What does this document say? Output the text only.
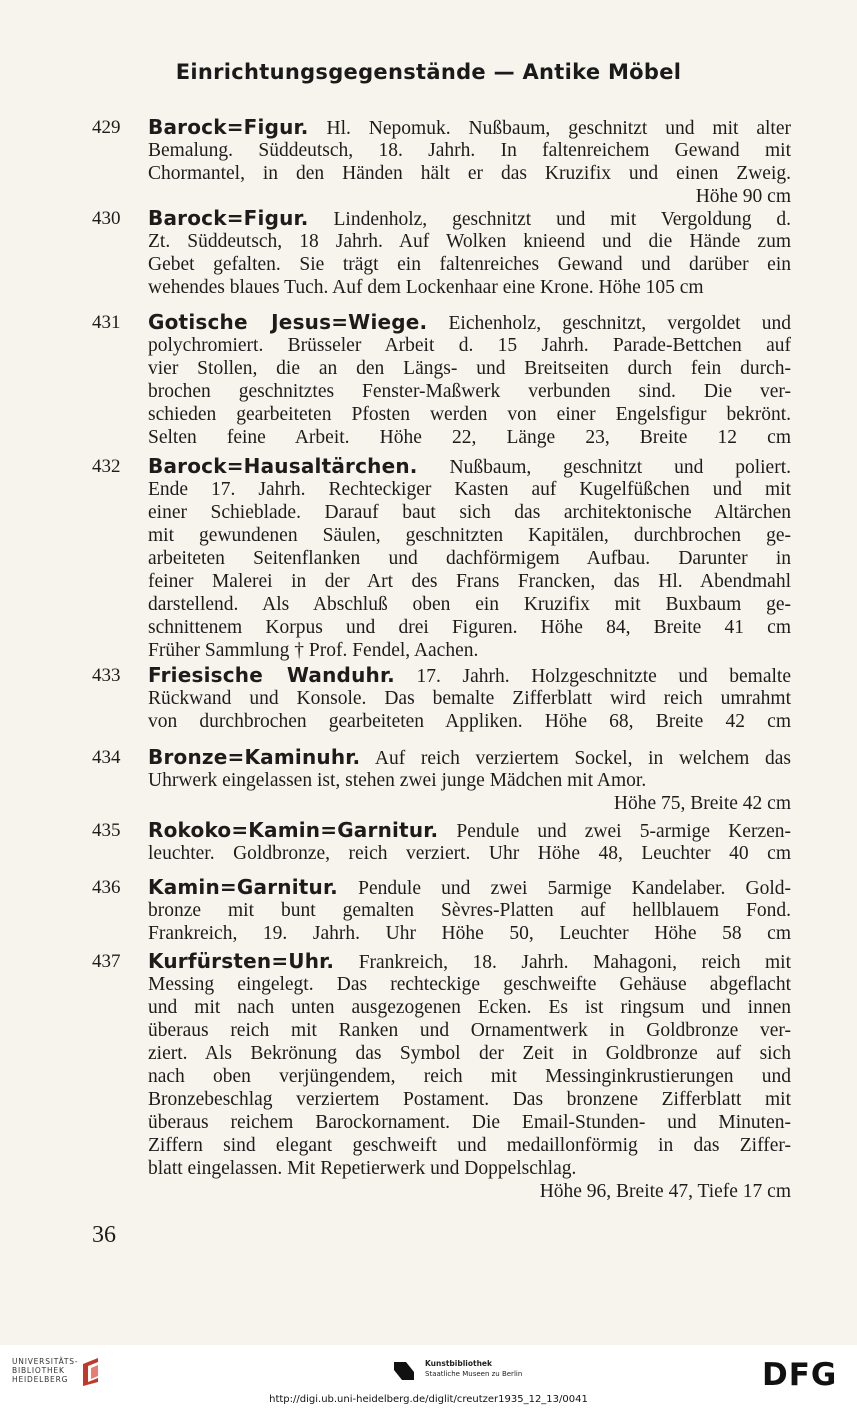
Einrichtungsgegenstände — Antike Möbel
429	Barock=Figur. Hl. Nepomuk. Nußbaum, geschnitzt und mit alter
Bemalung. Süddeutsch, 18. Jahrh. In faltenreichem Gewand mit
Chormantel, in den Händen hält er das Kruzifix und einen Zweig.
Höhe 90 cm
430	Barock=Figur. Lindenholz, geschnitzt und mit Vergoldung d.
Zt. Süddeutsch, 18 Jahrh. Auf Wolken knieend und die Hände zum
Gebet gefalten. Sie trägt ein faltenreiches Gewand und darüber ein
wehendes blaues Tuch. Auf dem Lockenhaar eine Krone. Höhe 105 cm
431	Gotische Jesus=Wiege. Eichenholz, geschnitzt, vergoldet und
polychromiert. Brüsseler Arbeit d. 15 Jahrh. Parade-Bettchen auf
vier Stollen, die an den Längs- und Breitseiten durch fein durch-
brochen geschnitztes Fenster-Maßwerk verbunden sind. Die ver-
schieden gearbeiteten Pfosten werden von einer Engelsfigur bekrönt.
Selten feine Arbeit. Höhe 22, Länge 23, Breite 12 cm
432	Barock=Hausaltärchen. Nußbaum, geschnitzt und poliert.
Ende 17. Jahrh. Rechteckiger Kasten auf Kugelfüßchen und mit
einer Schieblade. Darauf baut sich das architektonische Altärchen
mit gewundenen Säulen, geschnitzten Kapitälen, durchbrochen ge-
arbeiteten Seitenflanken und dachförmigem Aufbau. Darunter in
feiner Malerei in der Art des Frans Francken, das Hl. Abendmahl
darstellend. Als Abschluß oben ein Kruzifix mit Buxbaum ge-
schnittenem Korpus und drei Figuren. Höhe 84, Breite 41 cm
Früher Sammlung † Prof. Fendel, Aachen.
433	Friesische Wanduhr. 17. Jahrh. Holzgeschnitzte und bemalte
Rückwand und Konsole. Das bemalte Zifferblatt wird reich umrahmt
von durchbrochen gearbeiteten Appliken. Höhe 68, Breite 42 cm
434	Bronze=Kaminuhr. Auf reich verziertem Sockel, in welchem das
Uhrwerk eingelassen ist, stehen zwei junge Mädchen mit Amor.
Höhe 75, Breite 42 cm
435	Rokoko=Kamin=Garnitur. Pendule und zwei 5-armige Kerzen-
leuchter. Goldbronze, reich verziert. Uhr Höhe 48, Leuchter 40 cm
436	Kamin=Garnitur. Pendule und zwei 5armige Kandelaber. Gold-
bronze mit bunt gemalten Sèvres-Platten auf hellblauem Fond.
Frankreich, 19. Jahrh. Uhr Höhe 50, Leuchter Höhe 58 cm
437	Kurfürsten=Uhr. Frankreich, 18. Jahrh. Mahagoni, reich mit
Messing eingelegt. Das rechteckige geschweifte Gehäuse abgeflacht
und mit nach unten ausgezogenen Ecken. Es ist ringsum und innen
überaus reich mit Ranken und Ornamentwerk in Goldbronze ver-
ziert. Als Bekrönung das Symbol der Zeit in Goldbronze auf sich
nach oben verjüngendem, reich mit Messinginkrustierungen und
Bronzebeschlag verziertem Postament. Das bronzene Zifferblatt mit
überaus reichem Barockornament. Die Email-Stunden- und Minuten-
Ziffern sind elegant geschweift und medaillonförmig in das Ziffer-
blatt eingelassen. Mit Repetierwerk und Doppelschlag.
Höhe 96, Breite 47, Tiefe 17 cm
36
UNIVERSITÄTS-
BIBLIOTHEK
HEIDELBERG
Kunstbibliothek
Staatliche Museen zu Berlin	DFG
http://digi.ub.uni-heidelberg.de/diglit/creutzer1935_12_13/0041
